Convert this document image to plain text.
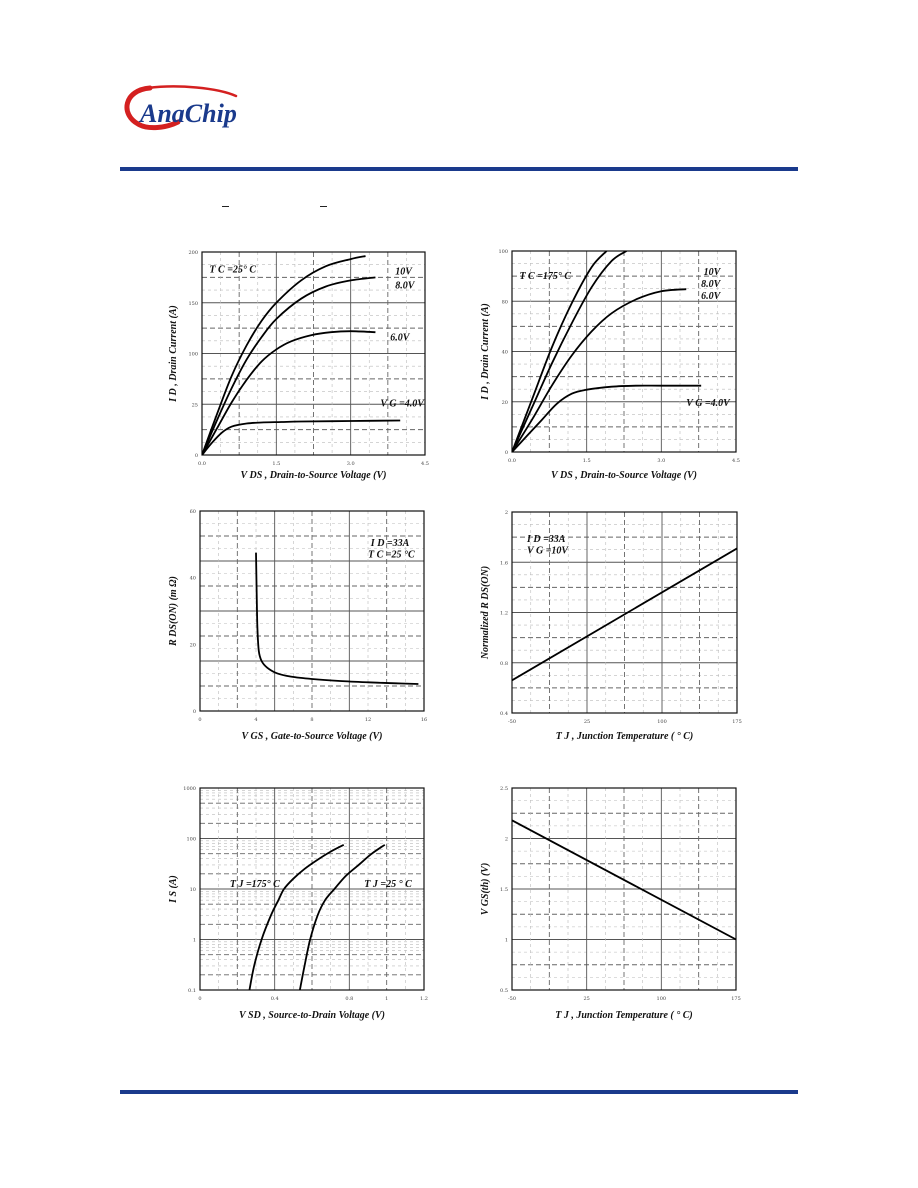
AnaChip
0.0	1.5	3.0	4.5
0
25
100
150
200
V DS , Drain-to-Source Voltage (V)
I D , Drain Current (A)
T C =25° C	10V
8.0V
6.0V
V G =4.0V
0.0	1.5	3.0	4.5
0
20
40
80
100
V DS , Drain-to-Source Voltage (V)
I D , Drain Current (A)
T C =175° C	10V
8.0V
6.0V
V G =4.0V
0	4	8	12	16
0
20
40
60
V GS , Gate-to-Source Voltage (V)
R DS(ON) (m Ω)
I D =33A
T C =25 °C
-50	25	100	175
0.4
0.8
1.2
1.6
2
T J , Junction Temperature ( ° C)
Normalized R DS(ON)
I D =33A
V G =10V
0	0.4	0.8	1	1.2
0.1
1
10
100
1000
V SD , Source-to-Drain Voltage (V)
I S (A)	T J =175° C	T J =25 ° C
-50	25	100	175
0.5
1
1.5
2
2.5
T J , Junction Temperature ( ° C)
V GS(th) (V)
